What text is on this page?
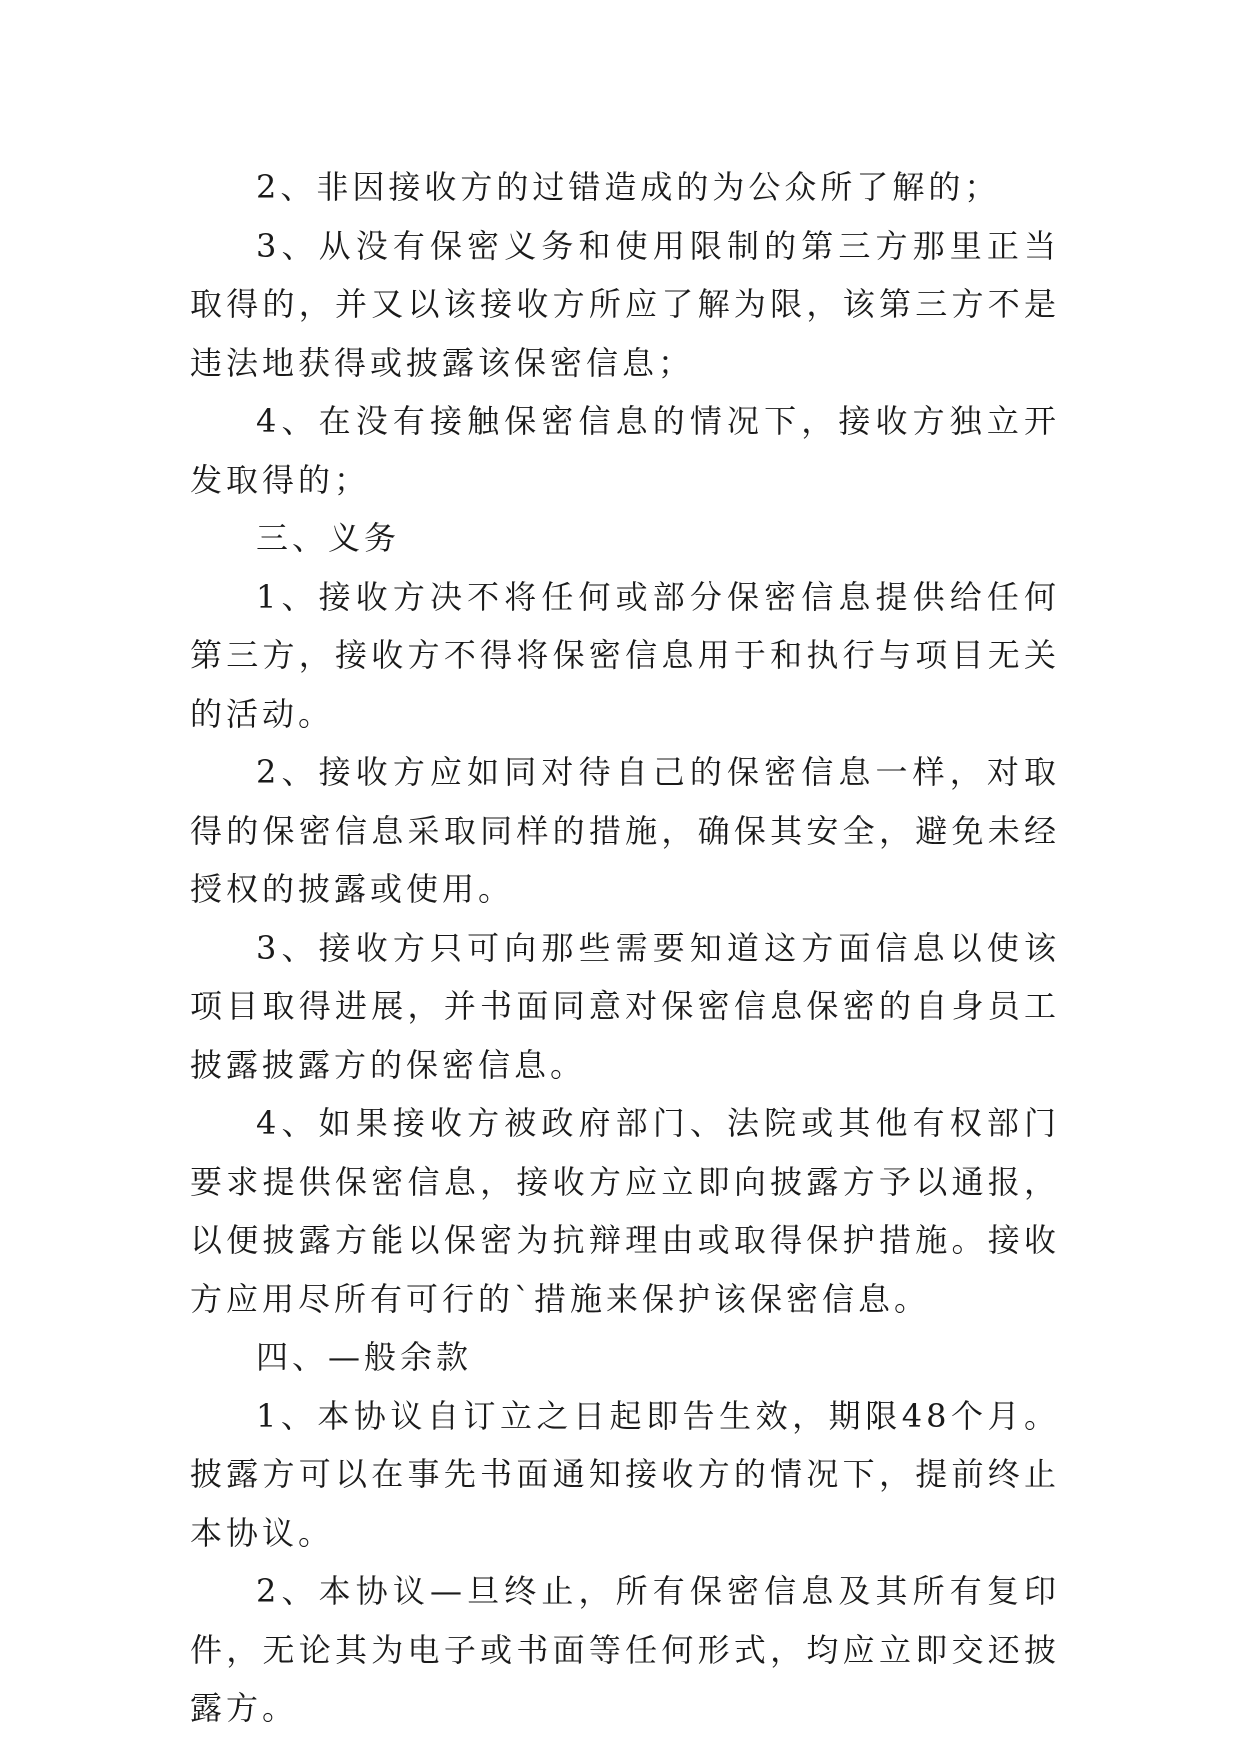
2、非因接收方的过错造成的为公众所了解的；

3、从没有保密义务和使用限制的第三方那里正当取得的，并又以该接收方所应了解为限，该第三方不是违法地获得或披露该保密信息；

4、在没有接触保密信息的情况下，接收方独立开发取得的；

三、义务

1、接收方决不将任何或部分保密信息提供给任何第三方，接收方不得将保密信息用于和执行与项目无关的活动。

2、接收方应如同对待自己的保密信息一样，对取得的保密信息采取同样的措施，确保其安全，避免未经授权的披露或使用。

3、接收方只可向那些需要知道这方面信息以使该项目取得进展，并书面同意对保密信息保密的自身员工披露披露方的保密信息。

4、如果接收方被政府部门、法院或其他有权部门要求提供保密信息，接收方应立即向披露方予以通报，以便披露方能以保密为抗辩理由或取得保护措施。接收方应用尽所有可行的`措施来保护该保密信息。

四、—般余款

1、本协议自订立之日起即告生效，期限48个月。披露方可以在事先书面通知接收方的情况下，提前终止本协议。

2、本协议—旦终止，所有保密信息及其所有复印件，无论其为电子或书面等任何形式，均应立即交还披露方。
